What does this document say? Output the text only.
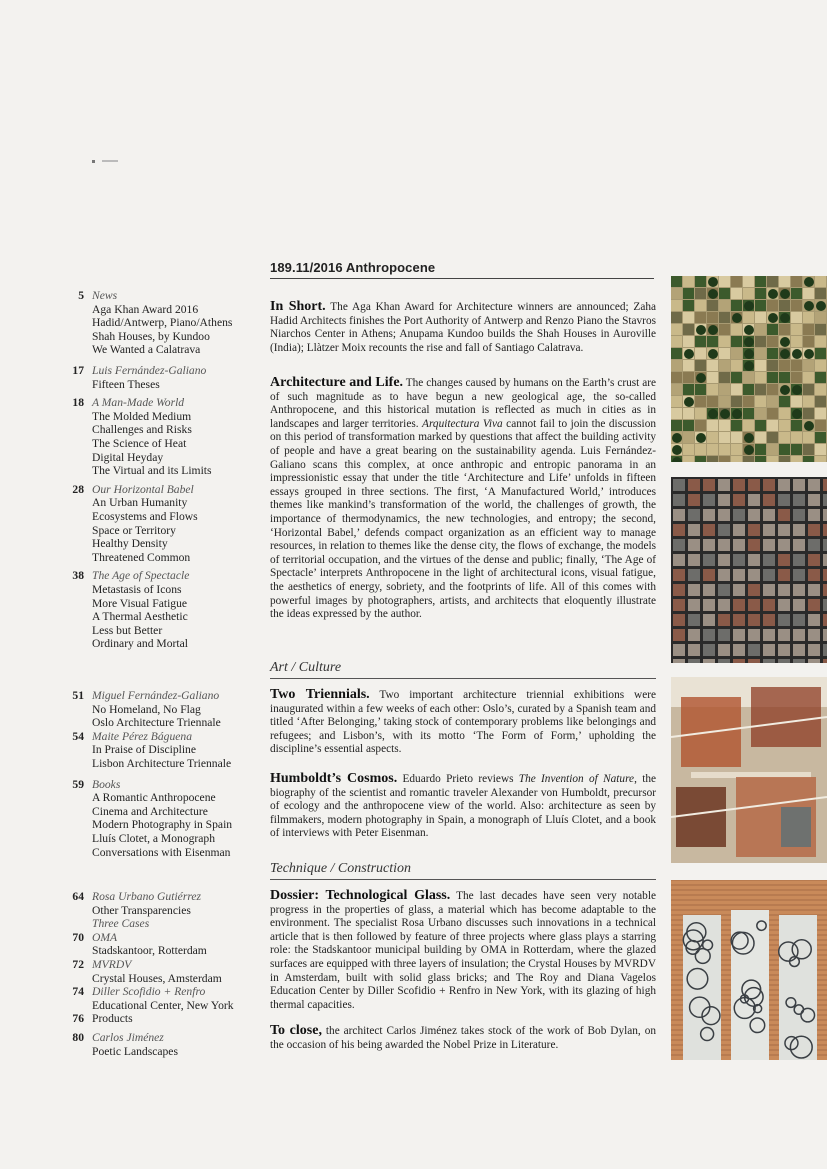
5 News
Aga Khan Award 2016
Hadid/Antwerp, Piano/Athens
Shah Houses, by Kundoo
We Wanted a Calatrava
17 Luis Fernández-Galiano
Fifteen Theses
18 A Man-Made World
The Molded Medium
Challenges and Risks
The Science of Heat
Digital Heyday
The Virtual and its Limits
28 Our Horizontal Babel
An Urban Humanity
Ecosystems and Flows
Space or Territory
Healthy Density
Threatened Common
38 The Age of Spectacle
Metastasis of Icons
More Visual Fatigue
A Thermal Aesthetic
Less but Better
Ordinary and Mortal
51 Miguel Fernández-Galiano
No Homeland, No Flag
Oslo Architecture Triennale
54 Maite Pérez Báguena
In Praise of Discipline
Lisbon Architecture Triennale
59 Books
A Romantic Anthropocene
Cinema and Architecture
Modern Photography in Spain
Lluís Clotet, a Monograph
Conversations with Eisenman
64 Rosa Urbano Gutiérrez
Other Transparencies
Three Cases
70 OMA
Stadskantoor, Rotterdam
72 MVRDV
Crystal Houses, Amsterdam
74 Diller Scofidio + Renfro
Educational Center, New York
76 Products
80 Carlos Jiménez
Poetic Landscapes
189.11/2016 Anthropocene

In Short. The Aga Khan Award for Architecture winners are announced; Zaha Hadid Architects finishes the Port Authority of Antwerp and Renzo Piano the Stavros Niarchos Center in Athens; Anupama Kundoo builds the Shah Houses in Auroville (India); Llàtzer Moix recounts the rise and fall of Santiago Calatrava.

Architecture and Life. The changes caused by humans on the Earth’s crust are of such magnitude as to have begun a new geological age, the so-called Anthropocene, and this historical mutation is reflected as much in cities as in landscapes and larger territories. Arquitectura Viva cannot fail to join the discussion on this period of transformation marked by questions that affect the building activity of people and have a great bearing on the sustainability agenda. Luis Fernández-Galiano scans this complex, at once anthropic and entropic panorama in an impressionistic essay that under the title ‘Architecture and Life’ unfolds in fifteen essays grouped in three sections. The first, ‘A Manufactured World,’ introduces themes like mankind’s transformation of the world, the challenges of growth, the importance of thermodynamics, the new technologies, and entropy; the second, ‘Horizontal Babel,’ defends compact organization as an efficient way to manage resources, in relation to themes like the dense city, the flows of exchange, the models of territorial occupation, and the virtues of the dense and public; finally, ‘The Age of Spectacle’ interprets Anthropocene in the light of architectural icons, visual fatigue, the aesthetics of energy, sobriety, and the footprints of life. All of this comes with powerful images by photographers, artists, and architects that eloquently illustrate the ideas expressed by the author.

Art / Culture

Two Triennials. Two important architecture triennial exhibitions were inaugurated within a few weeks of each other: Oslo’s, curated by a Spanish team and titled ‘After Belonging,’ taking stock of contemporary problems like belongings and refugees; and Lisbon’s, with its motto ‘The Form of Form,’ upholding the discipline’s essential aspects.

Humboldt’s Cosmos. Eduardo Prieto reviews The Invention of Nature, the biography of the scientist and romantic traveler Alexander von Humboldt, precursor of ecology and the anthropocene view of the world. Also: architecture as seen by filmmakers, modern photography in Spain, a monograph of Lluís Clotet, and a book of interviews with Peter Eisenman.

Technique / Construction

Dossier: Technological Glass. The last decades have seen very notable progress in the properties of glass, a material which has become adaptable to the environment. The specialist Rosa Urbano discusses such innovations in a technical article that is then followed by feature of three projects where glass plays a starring role: the Stadskantoor municipal building by OMA in Rotterdam, where the glazed surfaces are equipped with three layers of insulation; the Crystal Houses by MVRDV in Amsterdam, built with solid glass bricks; and The Roy and Diana Vagelos Education Center by Diller Scofidio + Renfro in New York, with its glazing of high thermal capacities.

To close, the architect Carlos Jiménez takes stock of the work of Bob Dylan, on the occasion of his being awarded the Nobel Prize in Literature.
